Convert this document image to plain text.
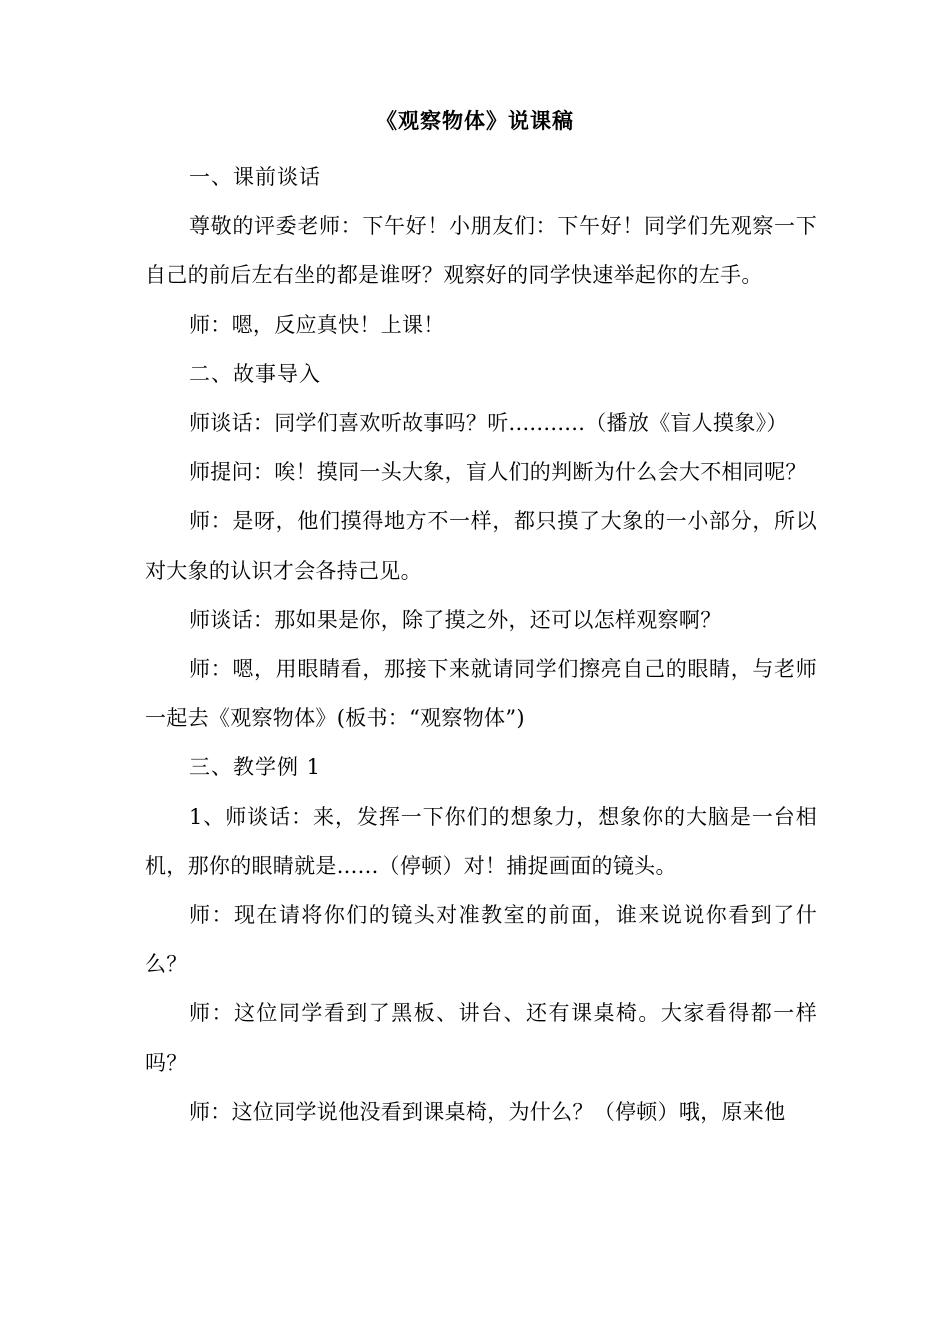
《观察物体》说课稿

一、课前谈话

尊敬的评委老师：下午好！小朋友们：下午好！同学们先观察一下自己的前后左右坐的都是谁呀？观察好的同学快速举起你的左手。

师：嗯，反应真快！上课！

二、故事导入

师谈话：同学们喜欢听故事吗？听...........（播放《盲人摸象》）

师提问：唉！摸同一头大象，盲人们的判断为什么会大不相同呢？

师：是呀，他们摸得地方不一样，都只摸了大象的一小部分，所以对大象的认识才会各持己见。

师谈话：那如果是你，除了摸之外，还可以怎样观察啊？

师：嗯，用眼睛看，那接下来就请同学们擦亮自己的眼睛，与老师一起去《观察物体》(板书：“观察物体”)

三、教学例 1

1、师谈话：来，发挥一下你们的想象力，想象你的大脑是一台相机，那你的眼睛就是......（停顿）对！捕捉画面的镜头。

师：现在请将你们的镜头对准教室的前面，谁来说说你看到了什么？

师：这位同学看到了黑板、讲台、还有课桌椅。大家看得都一样吗？

师：这位同学说他没看到课桌椅，为什么？（停顿）哦，原来他
